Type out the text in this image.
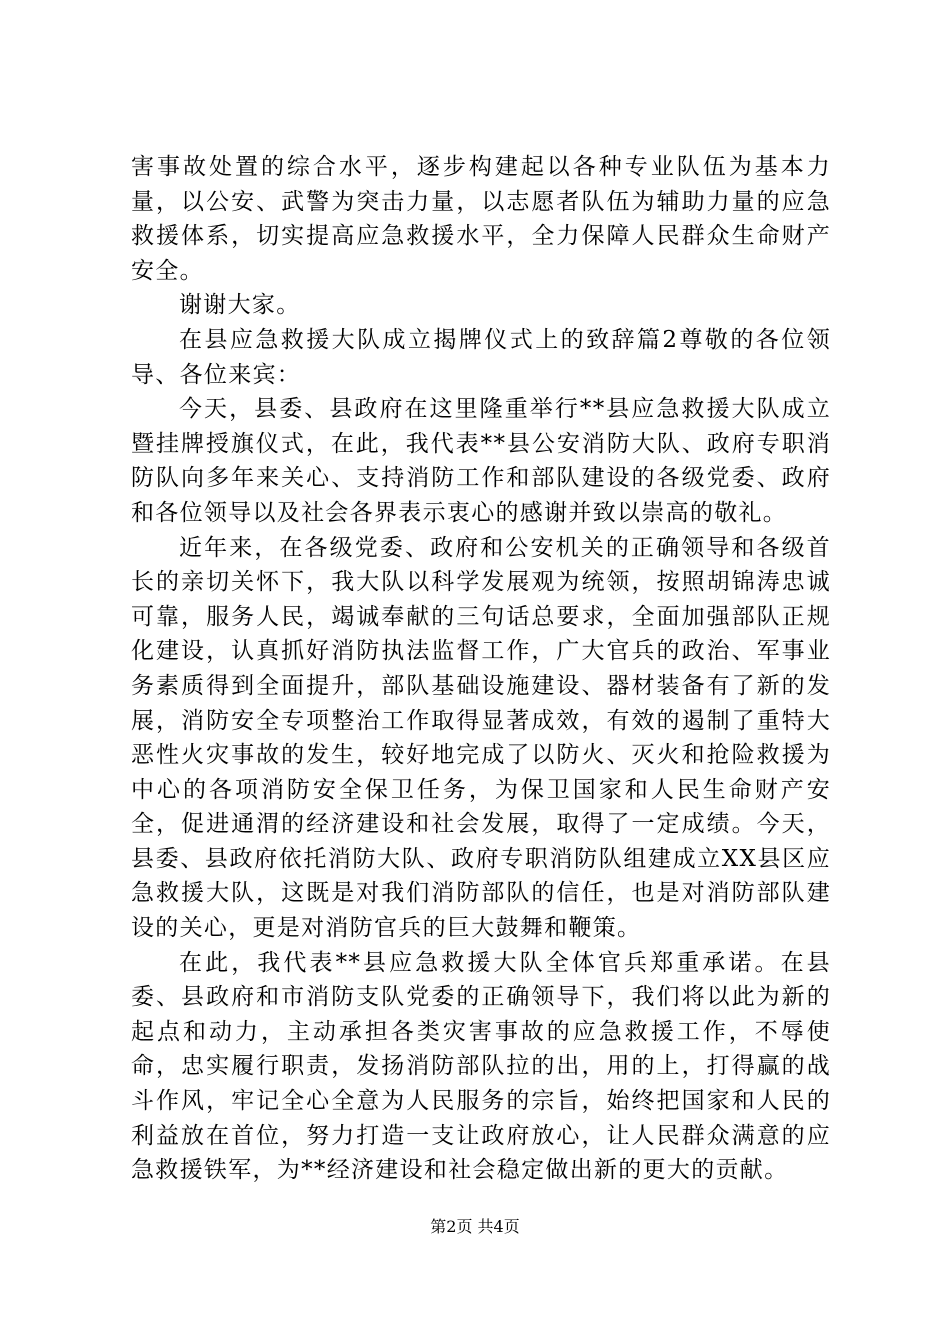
害事故处置的综合水平，逐步构建起以各种专业队伍为基本力量，以公安、武警为突击力量，以志愿者队伍为辅助力量的应急救援体系，切实提高应急救援水平，全力保障人民群众生命财产安全。

谢谢大家。

在县应急救援大队成立揭牌仪式上的致辞篇2尊敬的各位领导、各位来宾：

今天，县委、县政府在这里隆重举行**县应急救援大队成立暨挂牌授旗仪式，在此，我代表**县公安消防大队、政府专职消防队向多年来关心、支持消防工作和部队建设的各级党委、政府和各位领导以及社会各界表示衷心的感谢并致以崇高的敬礼。

近年来，在各级党委、政府和公安机关的正确领导和各级首长的亲切关怀下，我大队以科学发展观为统领，按照胡锦涛忠诚可靠，服务人民，竭诚奉献的三句话总要求，全面加强部队正规化建设，认真抓好消防执法监督工作，广大官兵的政治、军事业务素质得到全面提升，部队基础设施建设、器材装备有了新的发展，消防安全专项整治工作取得显著成效，有效的遏制了重特大恶性火灾事故的发生，较好地完成了以防火、灭火和抢险救援为中心的各项消防安全保卫任务，为保卫国家和人民生命财产安全，促进通渭的经济建设和社会发展，取得了一定成绩。今天，县委、县政府依托消防大队、政府专职消防队组建成立XX县区应急救援大队，这既是对我们消防部队的信任，也是对消防部队建设的关心，更是对消防官兵的巨大鼓舞和鞭策。

在此，我代表**县应急救援大队全体官兵郑重承诺。在县委、县政府和市消防支队党委的正确领导下，我们将以此为新的起点和动力，主动承担各类灾害事故的应急救援工作，不辱使命，忠实履行职责，发扬消防部队拉的出，用的上，打得赢的战斗作风，牢记全心全意为人民服务的宗旨，始终把国家和人民的利益放在首位，努力打造一支让政府放心，让人民群众满意的应急救援铁军，为**经济建设和社会稳定做出新的更大的贡献。

第2页 共4页
